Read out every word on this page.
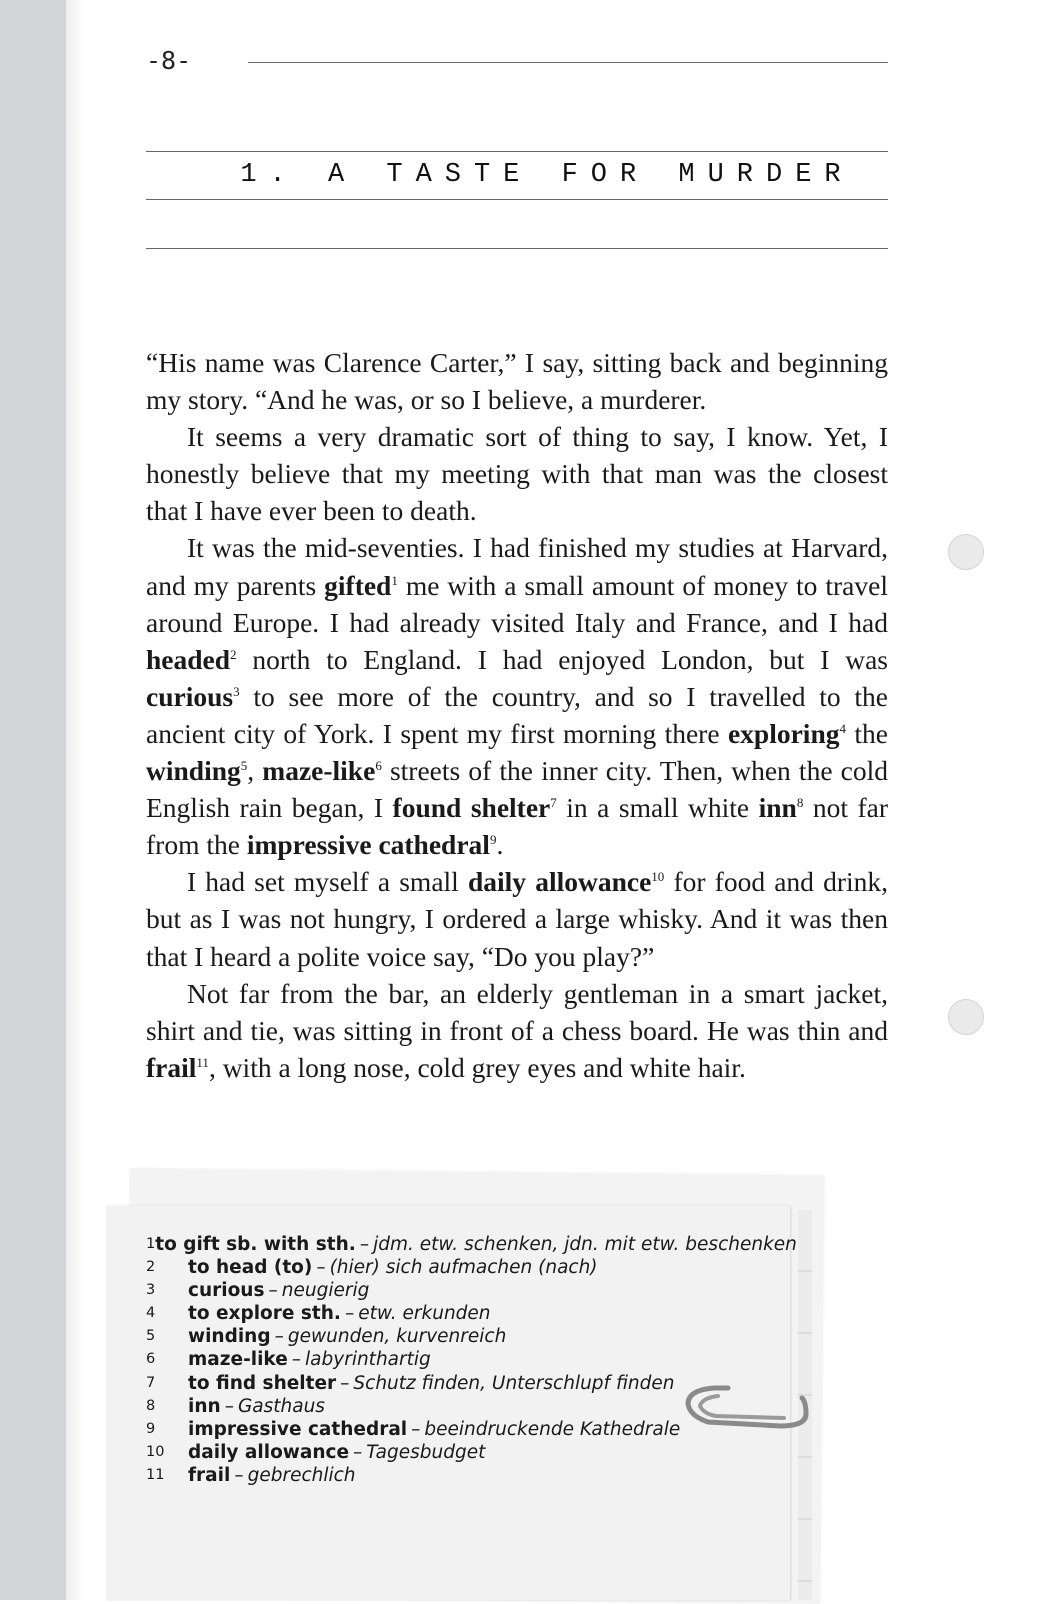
-8-
1. A TASTE FOR MURDER

“His name was Clarence Carter,” I say, sitting back and beginning my story. “And he was, or so I believe, a murderer.

It seems a very dramatic sort of thing to say, I know. Yet, I honestly believe that my meeting with that man was the closest that I have ever been to death.

It was the mid-seventies. I had finished my studies at Harvard, and my parents gifted$^1$ me with a small amount of money to travel around Europe. I had already visited Italy and France, and I had headed$^2$ north to England. I had enjoyed London, but I was curious$^3$ to see more of the country, and so I travelled to the ancient city of York. I spent my first morning there exploring$^4$ the winding$^5$, maze-like$^6$ streets of the inner city. Then, when the cold English rain began, I found shelter$^7$ in a small white inn$^8$ not far from the impressive cathedral$^9$.

I had set myself a small daily allowance$^{10}$ for food and drink, but as I was not hungry, I ordered a large whisky. And it was then that I heard a polite voice say, “Do you play?”

Not far from the bar, an elderly gentleman in a smart jacket, shirt and tie, was sitting in front of a chess board. He was thin and frail$^{11}$, with a long nose, cold grey eyes and white hair.

1 to gift sb. with sth. – jdm. etw. schenken, jdn. mit etw. beschenken
2	to head (to) – (hier) sich aufmachen (nach)
3	curious – neugierig
4	to explore sth. – etw. erkunden
5	winding – gewunden, kurvenreich
6	maze-like – labyrinthartig
7	to find shelter – Schutz finden, Unterschlupf finden
8	inn – Gasthaus
9	impressive cathedral – beeindruckende Kathedrale
10	daily allowance – Tagesbudget
11	frail – gebrechlich
